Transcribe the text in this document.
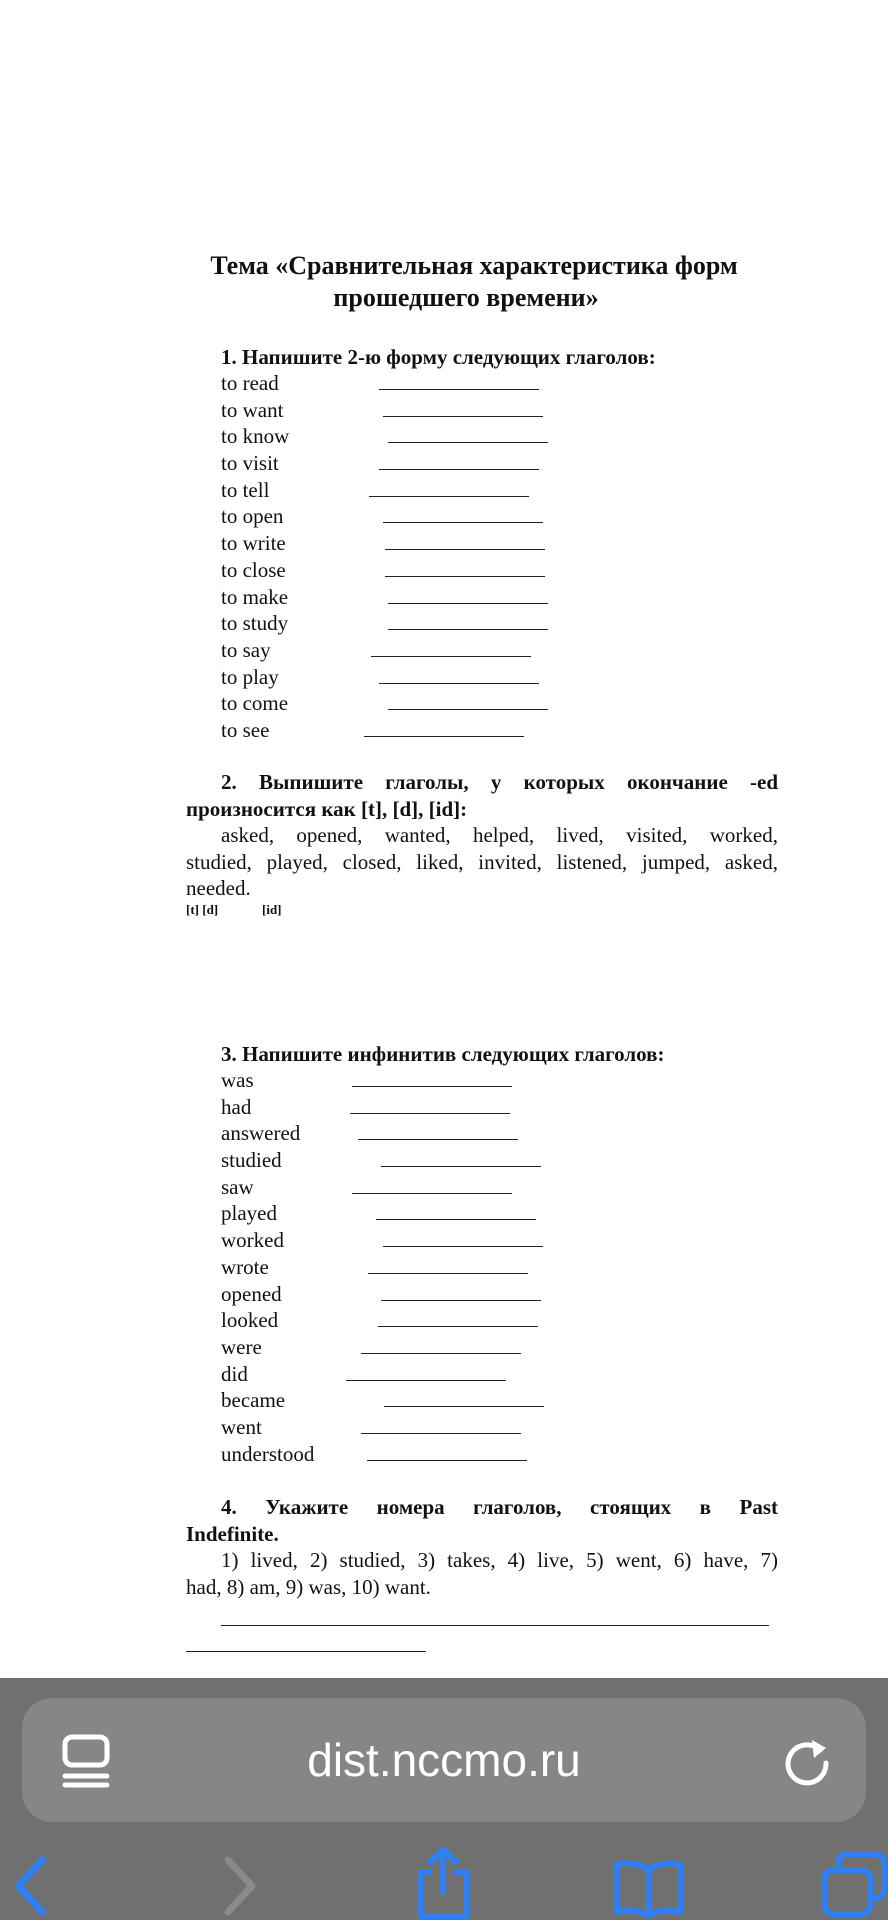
Тема «Сравнительная характеристика форм
прошедшего времени»
1. Напишите 2-ю форму следующих глаголов:
to read
to want
to know
to visit
to tell
to open
to write
to close
to make
to study
to say
to play
to come
to see
2. Выпишите глаголы, у которых окончание -ed
произносится как [t], [d], [id]:
asked, opened, wanted, helped, lived, visited, worked,
studied, played, closed, liked, invited, listened, jumped, asked,
needed.
[t] [d]	[id]
3. Напишите инфинитив следующих глаголов:
was
had
answered
studied
saw
played
worked
wrote
opened
looked
were
did
became
went
understood
4. Укажите номера глаголов, стоящих в Past
Indefinite.
1) lived, 2) studied, 3) takes, 4) live, 5) went, 6) have, 7)
had, 8) am, 9) was, 10) want.
dist.nccmo.ru
